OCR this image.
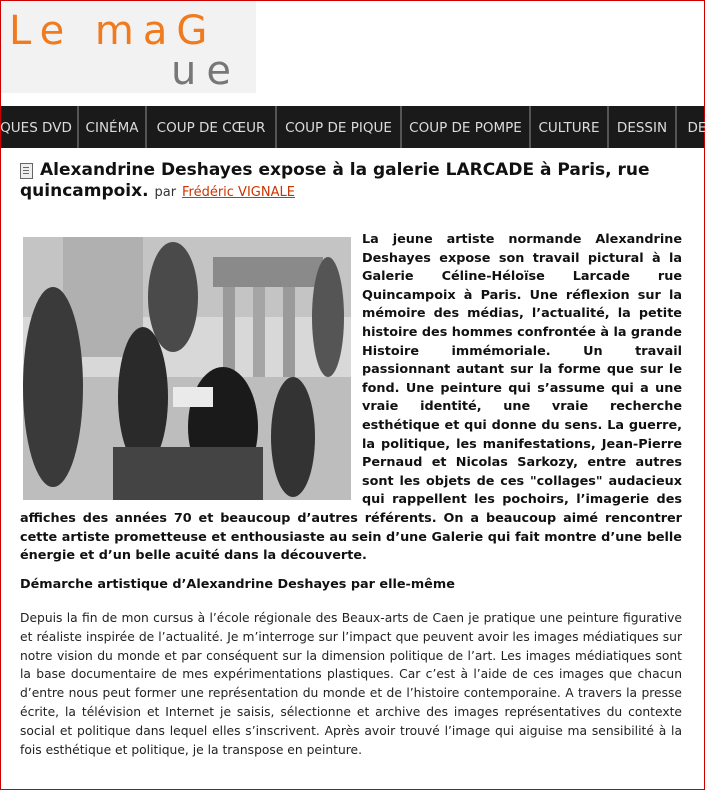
Le maG
ue
QUES DVD	CINÉMA	COUP DE CŒUR	COUP DE PIQUE	COUP DE POMPE	CULTURE	DESSIN	DE
Alexandrine Deshayes expose à la galerie LARCADE à Paris, rue quincampoix. par Frédéric VIGNALE
La jeune artiste normande Alexandrine Deshayes expose son travail pictural à la Galerie Céline-Héloïse Larcade rue Quincampoix à Paris. Une réflexion sur la mémoire des médias, l’actualité, la petite histoire des hommes confrontée à la grande Histoire immémoriale. Un travail passionnant autant sur la forme que sur le fond. Une peinture qui s’assume qui a une vraie identité, une vraie recherche esthétique et qui donne du sens. La guerre, la politique, les manifestations, Jean-Pierre Pernaud et Nicolas Sarkozy, entre autres sont les objets de ces "collages" audacieux qui rappellent les pochoirs, l’imagerie des affiches des années 70 et beaucoup d’autres référents. On a beaucoup aimé rencontrer cette artiste prometteuse et enthousiaste au sein d’une Galerie qui fait montre d’une belle énergie et d’un belle acuité dans la découverte.
Démarche artistique d’Alexandrine Deshayes par elle-même

Depuis la fin de mon cursus à l’école régionale des Beaux-arts de Caen je pratique une peinture figurative et réaliste inspirée de l’actualité. Je m’interroge sur l’impact que peuvent avoir les images médiatiques sur notre vision du monde et par conséquent sur la dimension politique de l’art. Les images médiatiques sont la base documentaire de mes expérimentations plastiques. Car c’est à l’aide de ces images que chacun d’entre nous peut former une représentation du monde et de l’histoire contemporaine. A travers la presse écrite, la télévision et Internet je saisis, sélectionne et archive des images représentatives du contexte social et politique dans lequel elles s’inscrivent. Après avoir trouvé l’image qui aiguise ma sensibilité à la fois esthétique et politique, je la transpose en peinture.
